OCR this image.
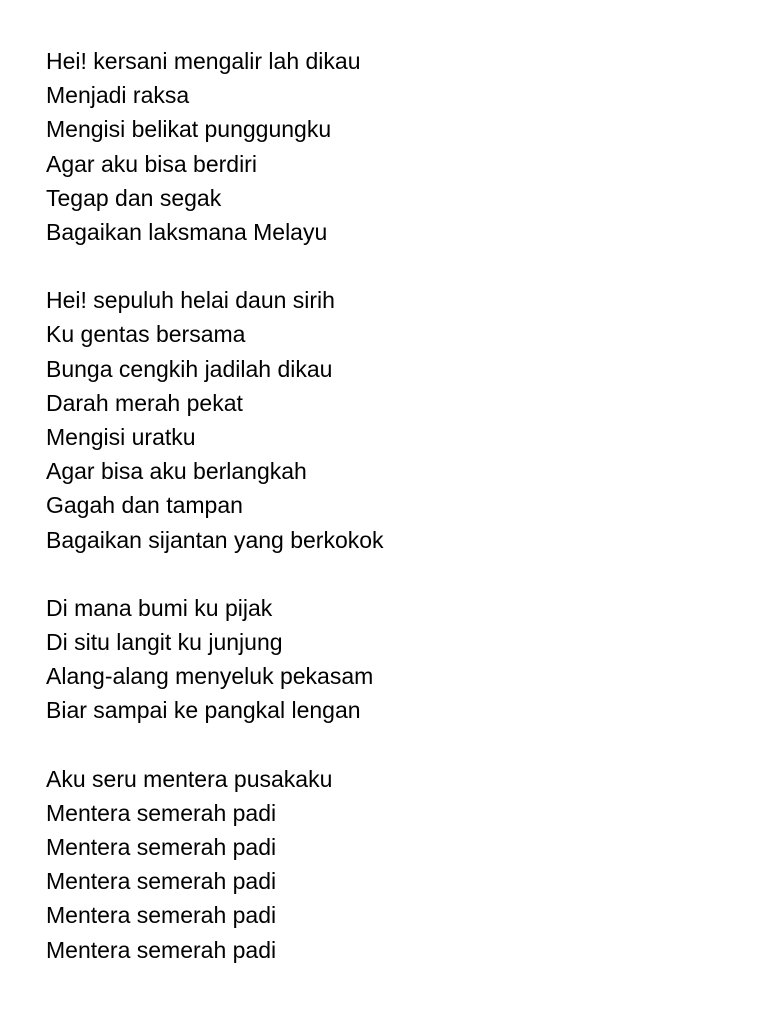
Hei! kersani mengalir lah dikau
Menjadi raksa
Mengisi belikat punggungku
Agar aku bisa berdiri
Tegap dan segak
Bagaikan laksmana Melayu
Hei! sepuluh helai daun sirih
Ku gentas bersama
Bunga cengkih jadilah dikau
Darah merah pekat
Mengisi uratku
Agar bisa aku berlangkah
Gagah dan tampan
Bagaikan sijantan yang berkokok
Di mana bumi ku pijak
Di situ langit ku junjung
Alang-alang menyeluk pekasam
Biar sampai ke pangkal lengan
Aku seru mentera pusakaku
Mentera semerah padi
Mentera semerah padi
Mentera semerah padi
Mentera semerah padi
Mentera semerah padi
